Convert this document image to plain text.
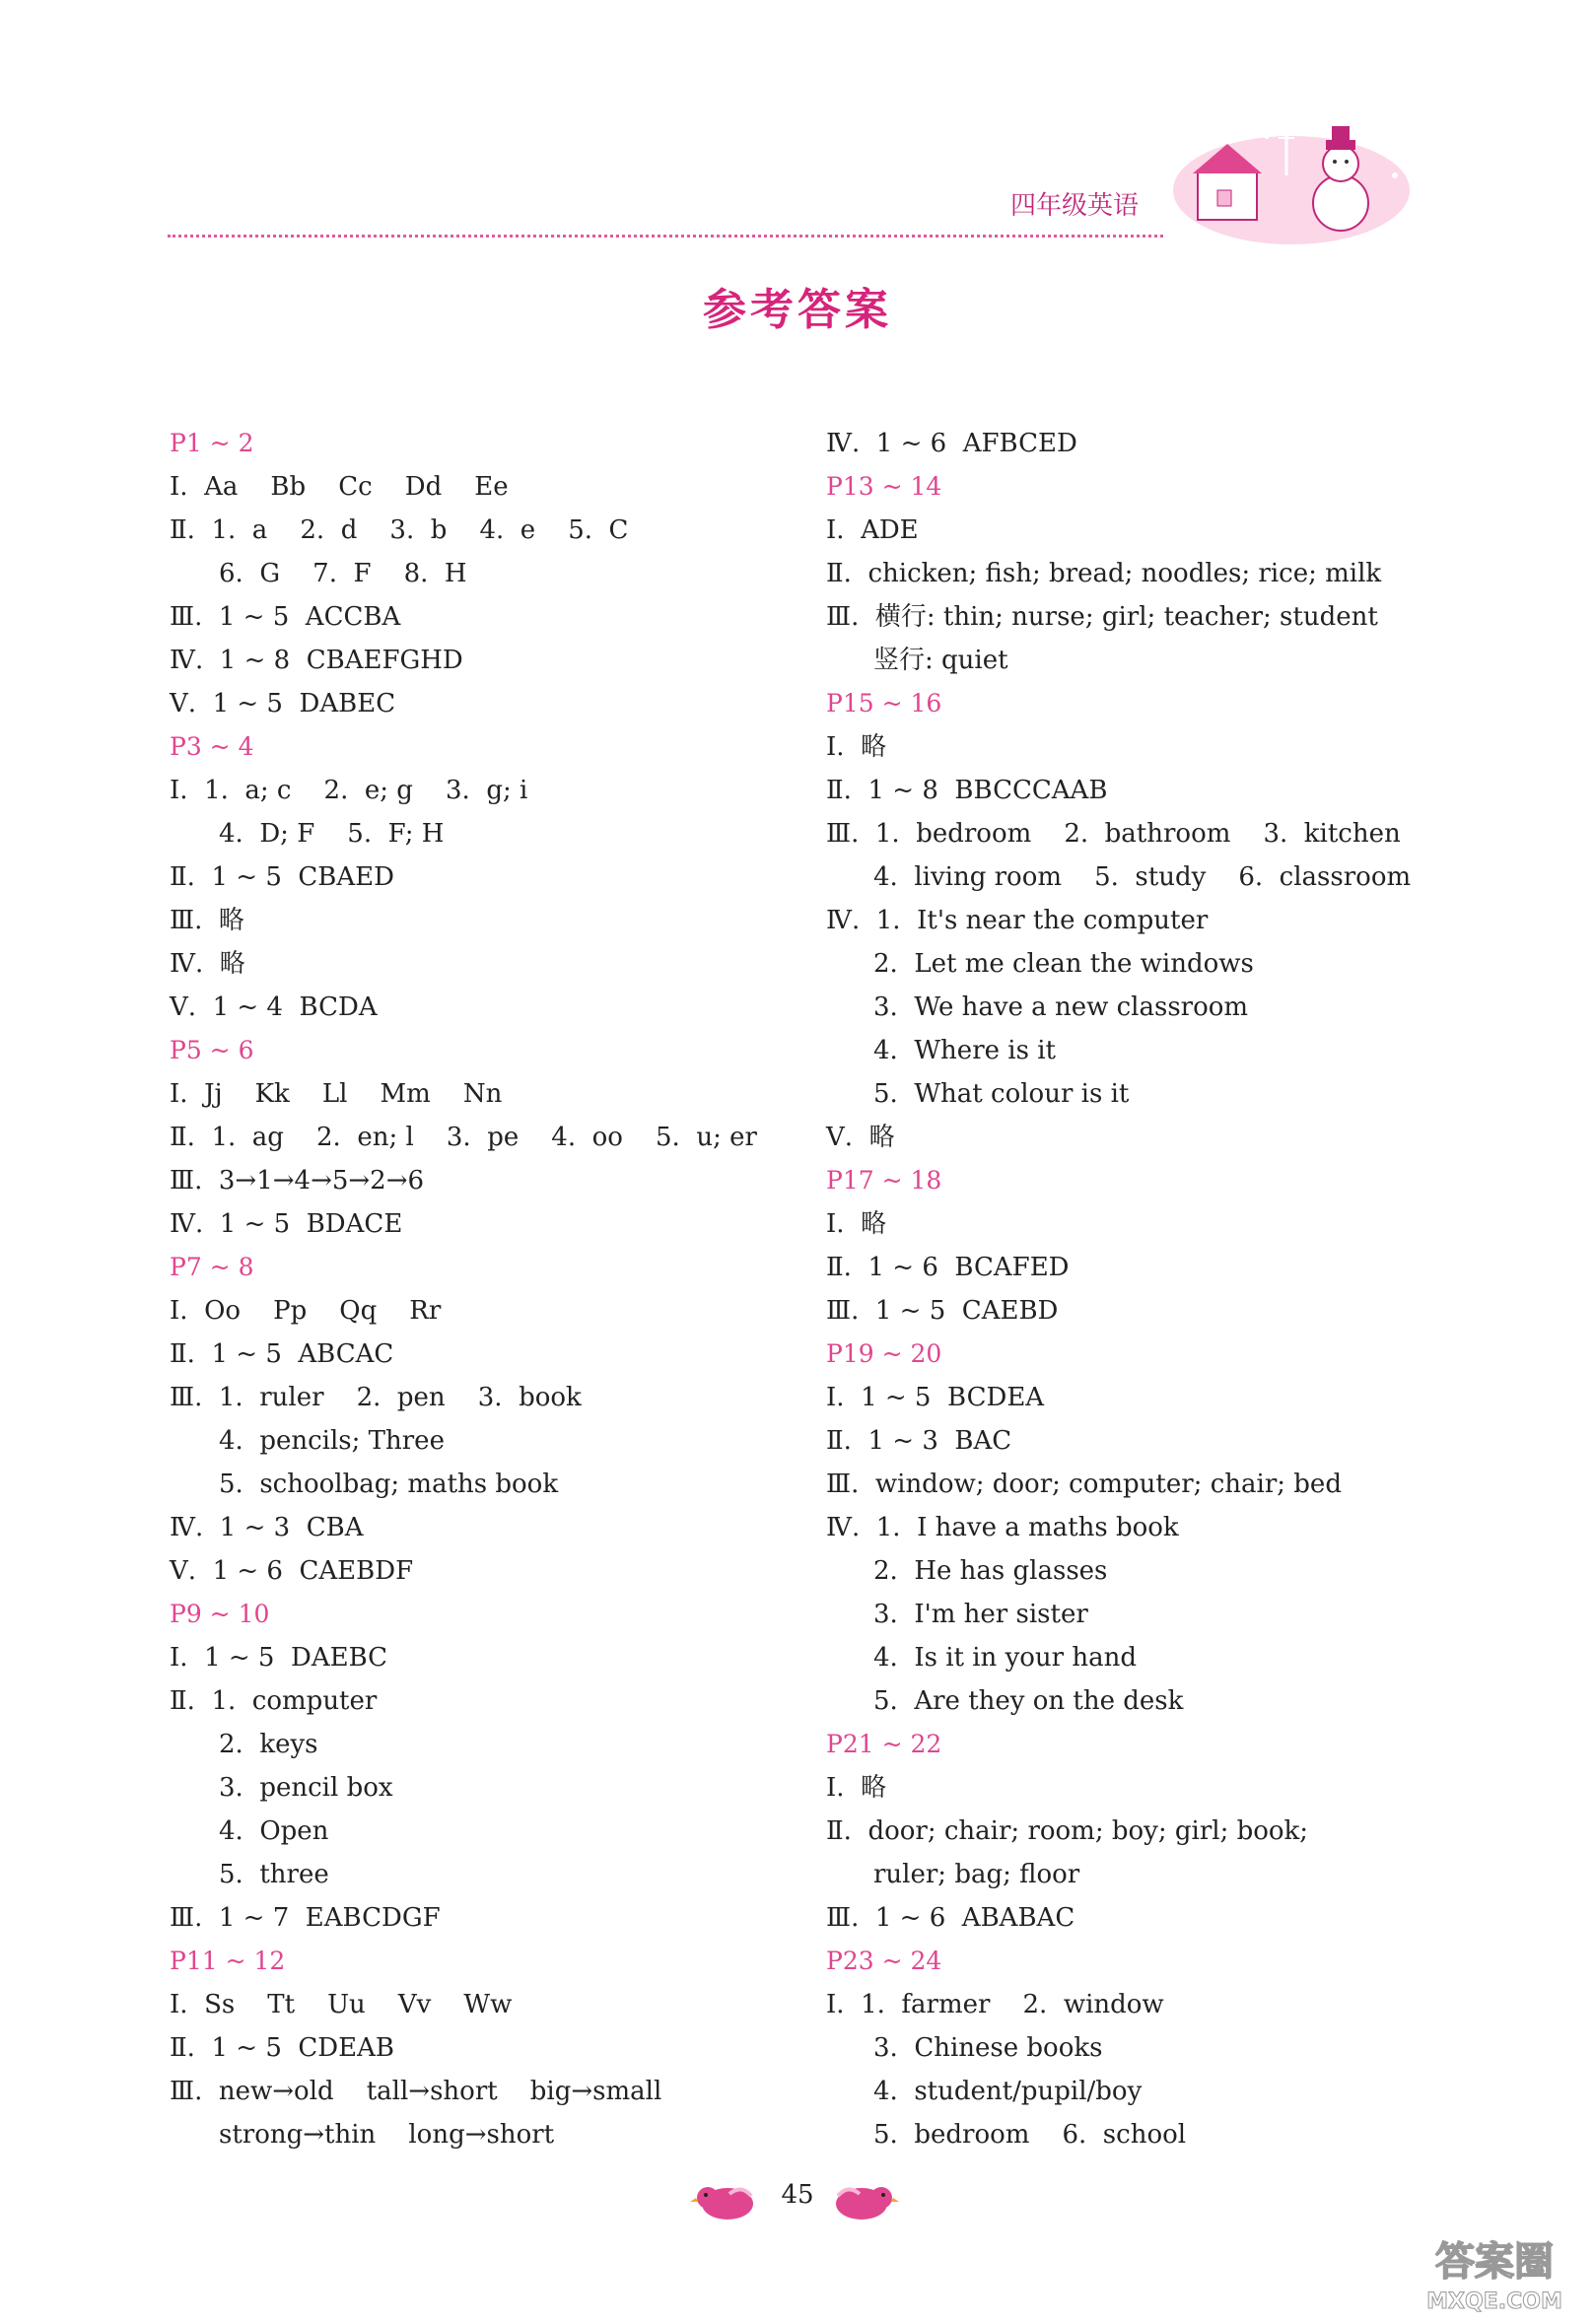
四年级英语
参考答案
P1 ~ 2
Ⅰ.  Aa    Bb    Cc    Dd    Ee
Ⅱ.  1.  a    2.  d    3.  b    4.  e    5.  C
6.  G    7.  F    8.  H
Ⅲ.  1 ~ 5  ACCBA
Ⅳ.  1 ~ 8  CBAEFGHD
Ⅴ.  1 ~ 5  DABEC
P3 ~ 4
Ⅰ.  1.  a; c    2.  e; g    3.  g; i
4.  D; F    5.  F; H
Ⅱ.  1 ~ 5  CBAED
Ⅲ.  略
Ⅳ.  略
Ⅴ.  1 ~ 4  BCDA
P5 ~ 6
Ⅰ.  Jj    Kk    Ll    Mm    Nn
Ⅱ.  1.  ag    2.  en; l    3.  pe    4.  oo    5.  u; er
Ⅲ.  3→1→4→5→2→6
Ⅳ.  1 ~ 5  BDACE
P7 ~ 8
Ⅰ.  Oo    Pp    Qq    Rr
Ⅱ.  1 ~ 5  ABCAC
Ⅲ.  1.  ruler    2.  pen    3.  book
4.  pencils; Three
5.  schoolbag; maths book
Ⅳ.  1 ~ 3  CBA
Ⅴ.  1 ~ 6  CAEBDF
P9 ~ 10
Ⅰ.  1 ~ 5  DAEBC
Ⅱ.  1.  computer
2.  keys
3.  pencil box
4.  Open
5.  three
Ⅲ.  1 ~ 7  EABCDGF
P11 ~ 12
Ⅰ.  Ss    Tt    Uu    Vv    Ww
Ⅱ.  1 ~ 5  CDEAB
Ⅲ.  new→old    tall→short    big→small
strong→thin    long→short
Ⅳ.  1 ~ 6  AFBCED
P13 ~ 14
Ⅰ.  ADE
Ⅱ.  chicken; fish; bread; noodles; rice; milk
Ⅲ.  横行: thin; nurse; girl; teacher; student
竖行: quiet
P15 ~ 16
Ⅰ.  略
Ⅱ.  1 ~ 8  BBCCCAAB
Ⅲ.  1.  bedroom    2.  bathroom    3.  kitchen
4.  living room    5.  study    6.  classroom
Ⅳ.  1.  It's near the computer
2.  Let me clean the windows
3.  We have a new classroom
4.  Where is it
5.  What colour is it
Ⅴ.  略
P17 ~ 18
Ⅰ.  略
Ⅱ.  1 ~ 6  BCAFED
Ⅲ.  1 ~ 5  CAEBD
P19 ~ 20
Ⅰ.  1 ~ 5  BCDEA
Ⅱ.  1 ~ 3  BAC
Ⅲ.  window; door; computer; chair; bed
Ⅳ.  1.  I have a maths book
2.  He has glasses
3.  I'm her sister
4.  Is it in your hand
5.  Are they on the desk
P21 ~ 22
Ⅰ.  略
Ⅱ.  door; chair; room; boy; girl; book;
ruler; bag; floor
Ⅲ.  1 ~ 6  ABABAC
P23 ~ 24
Ⅰ.  1.  farmer    2.  window
3.  Chinese books
4.  student/pupil/boy
5.  bedroom    6.  school
45
答案圈
MXQE.COM
